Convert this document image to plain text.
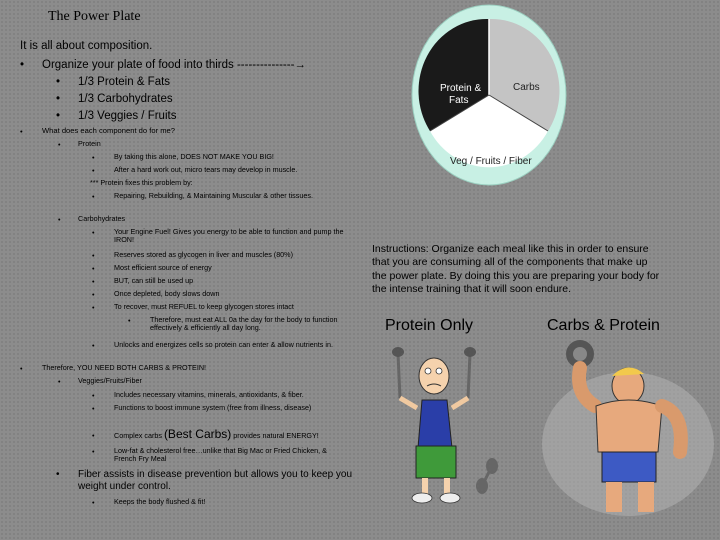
The Power Plate
It is all about composition.
• Organize your plate of food into thirds ---------------→
• 1/3 Protein & Fats
• 1/3 Carbohydrates
• 1/3 Veggies / Fruits
•	What does each component do for me?
• Protein
•	By taking this alone, DOES NOT MAKE YOU BIG!
•	After a hard work out, micro tears may develop in muscle.
*** Protein fixes this problem by:
•	Repairing, Rebuilding, & Maintaining Muscular & other tissues.
• Carbohydrates
•	Your Engine Fuel! Gives you energy to be able to function and pump the IRON!
•	Reserves stored as glycogen in liver and muscles (80%)
•	Most efficient source of energy
•	BUT, can still be used up
•	Once depleted, body slows down
•	To recover, must REFUEL to keep glycogen stores intact
•	Therefore, must eat ALL 0a the day for the body to function effectively & efficiently all day long.
•	Unlocks and energizes cells so protein can enter & allow nutrients in.
•	Therefore, YOU NEED BOTH CARBS & PROTEIN!
• Veggies/Fruits/Fiber
•	Includes necessary vitamins, minerals, antioxidants, & fiber.
•	Functions to boost immune system (free from illness, disease)
•	Complex carbs (Best Carbs) provides natural ENERGY!
•	Low-fat & cholesterol free…unlike that Big Mac or Fried Chicken, & French Fry Meal
• Fiber assists in disease prevention but allows you to keep you weight under control.
•	Keeps the body flushed & fit!
Protein &
Fats
Carbs
Veg / Fruits / Fiber
Instructions: Organize each meal like this in order to ensure that you are consuming all of the components that make up the power plate. By doing this you are preparing your body for the intense training that it will soon endure.
Protein Only	Carbs & Protein
